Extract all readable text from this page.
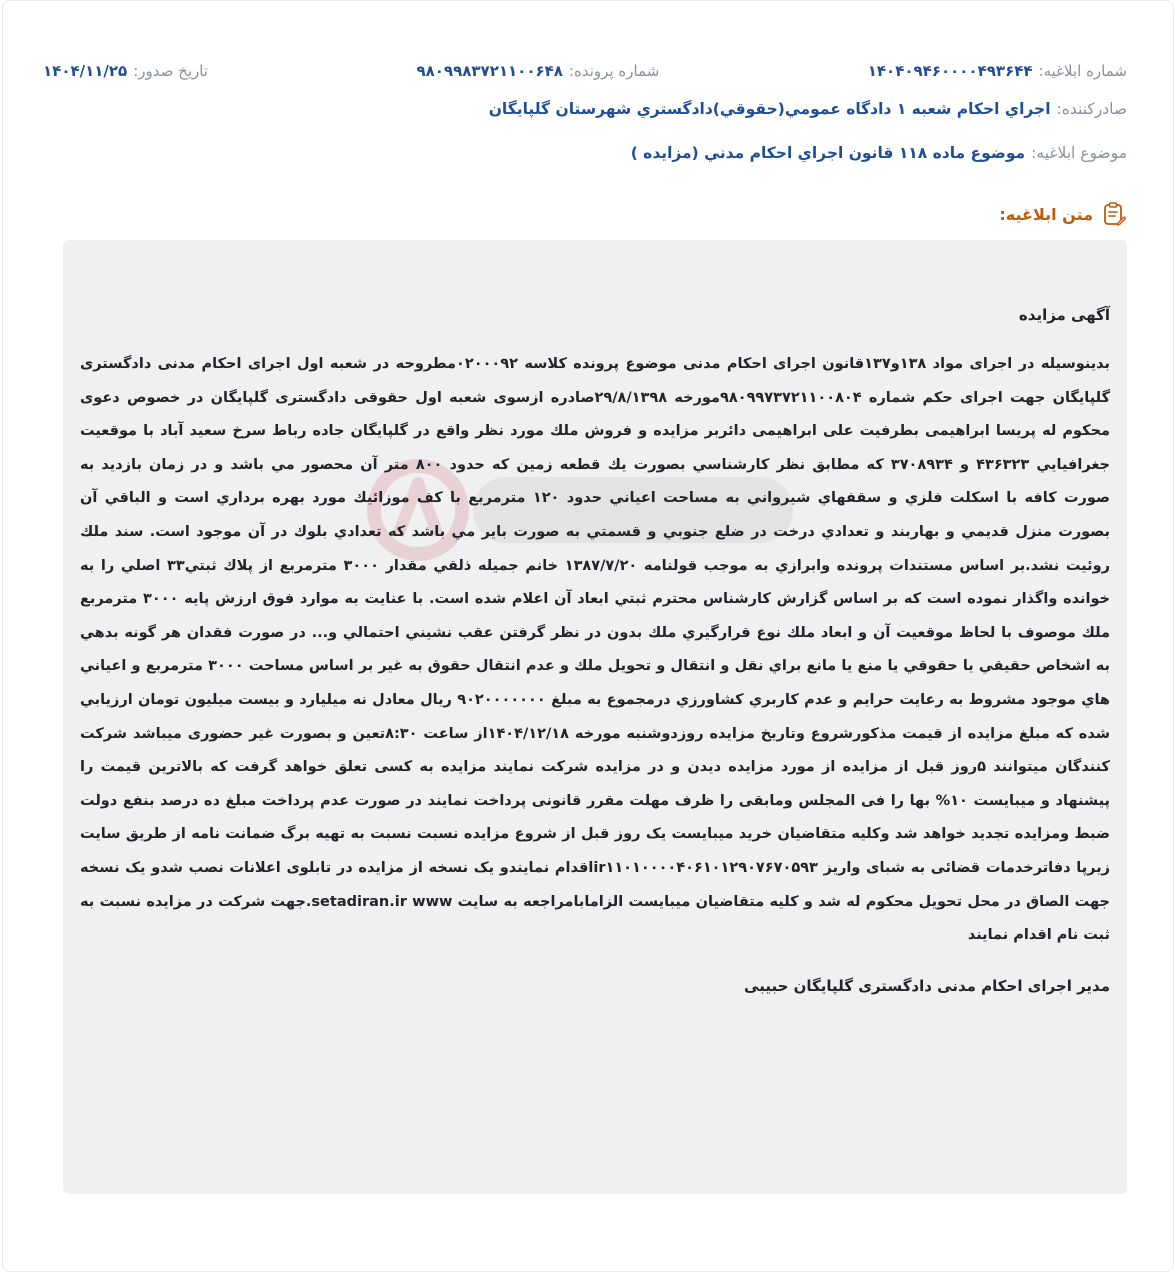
شماره ابلاغیه:
۱۴۰۴۰۹۴۶۰۰۰۰۴۹۳۶۴۴
شماره پرونده:
۹۸۰۹۹۸۳۷۲۱۱۰۰۶۴۸
تاریخ صدور:
۱۴۰۴/۱۱/۲۵
صادرکننده:
اجراي احکام شعبه ۱ دادگاه عمومي(حقوقي)دادگستري شهرستان گلپايگان
موضوع ابلاغیه:
موضوع ماده ۱۱۸ قانون اجراي احکام مدني (مزايده )
متن ابلاغیه:

آگهی مزایده

بدینوسیله در اجرای مواد ۱۳۸و۱۳۷قانون اجرای احکام مدنی موضوع پرونده کلاسه ۰۲۰۰۰۹۲مطروحه در شعبه اول اجرای احکام مدنی دادگستری گلپایگان جهت اجرای حکم شماره ۹۸۰۹۹۷۳۷۲۱۱۰۰۸۰۴مورخه ۲۹/۸/۱۳۹۸صادره ازسوی شعبه اول حقوقی دادگستری گلپایگان در خصوص دعوی محکوم له پریسا ابراهیمی بطرفیت علی ابراهیمی دائربر مزایده و فروش ملك مورد نظر واقع در گلپايگان جاده رباط سرخ سعيد آباد با موقعيت جغرافيايي ۴۳۶۳۲۳ و ۳۷۰۸۹۳۴ كه مطابق نظر كارشناسي بصورت يك قطعه زمين كه حدود ۸۰۰ متر آن محصور مي باشد و در زمان بازديد به صورت كافه با اسكلت فلزي و سقفهاي شيرواني به مساحت اعياني حدود ۱۲۰ مترمربع با كف موزائيك مورد بهره برداري است و الباقي آن بصورت منزل قديمي و بهاربند و تعدادي درخت در ضلع جنوبي و قسمتي به صورت باير مي باشد كه تعدادي بلوك در آن موجود است. سند ملك روئيت نشد.بر اساس مستندات پرونده وابرازي به موجب قولنامه ۱۳۸۷/۷/۲۰ خانم جميله ذلقي مقدار ۳۰۰۰ مترمربع از پلاك ثبتي۳۳ اصلي را به خوانده واگذار نموده است كه بر اساس گزارش كارشناس محترم ثبتي ابعاد آن اعلام شده است. با عنايت به موارد فوق ارزش پايه ۳۰۰۰ مترمربع ملك موصوف با لحاظ موقعيت آن و ابعاد ملك نوع قرارگيري ملك بدون در نظر گرفتن عقب نشيني احتمالي و... در صورت فقدان هر گونه بدهي به اشخاص حقيقي يا حقوقي يا منع يا مانع براي نقل و انتقال و تحويل ملك و عدم انتقال حقوق به غير بر اساس مساحت ۳۰۰۰ مترمربع و اعياني هاي موجود مشروط به رعايت حرايم و عدم كاربري كشاورزي درمجموع به مبلغ ۹۰۲۰۰۰۰۰۰۰ ريال معادل نه ميليارد و بيست ميليون تومان ارزيابي شده که مبلغ مزایده از قیمت مذکورشروع وتاریخ مزایده روزدوشنبه مورخه ۱۴۰۴/۱۲/۱۸از ساعت ۸:۳۰تعین و بصورت غیر حضوری میباشد شرکت کنندگان میتوانند ۵روز قبل از مزایده از مورد مزایده دیدن و در مزایده شرکت نمایند مزایده به کسی تعلق خواهد گرفت که بالاترین قیمت را پیشنهاد و میبایست ۱۰% بها را فی المجلس ومابقی را ظرف مهلت مقرر قانونی پرداخت نمایند در صورت عدم پرداخت مبلغ ده درصد بنفع دولت ضبط ومزایده تجدید خواهد شد وکلیه متقاضیان خرید میبایست یک روز قبل از شروع مزایده نسبت نسبت به تهیه برگ ضمانت نامه از طریق سایت زیرپا دفاترخدمات قضائی به شبای واریز ir۱۱۰۱۰۰۰۰۴۰۶۱۰۱۲۹۰۷۶۷۰۵۹۳اقدام نمایندو یک نسخه از مزایده در تابلوی اعلانات نصب شدو یک نسخه جهت الصاق در محل تحویل محکوم له شد و کلیه متقاضیان میبایست الزامابامراجعه به سایت setadiran.ir www.جهت شرکت در مزایده نسبت به ثبت نام اقدام نمایند

مدیر اجرای احکام مدنی دادگستری گلپایگان حبیبی
